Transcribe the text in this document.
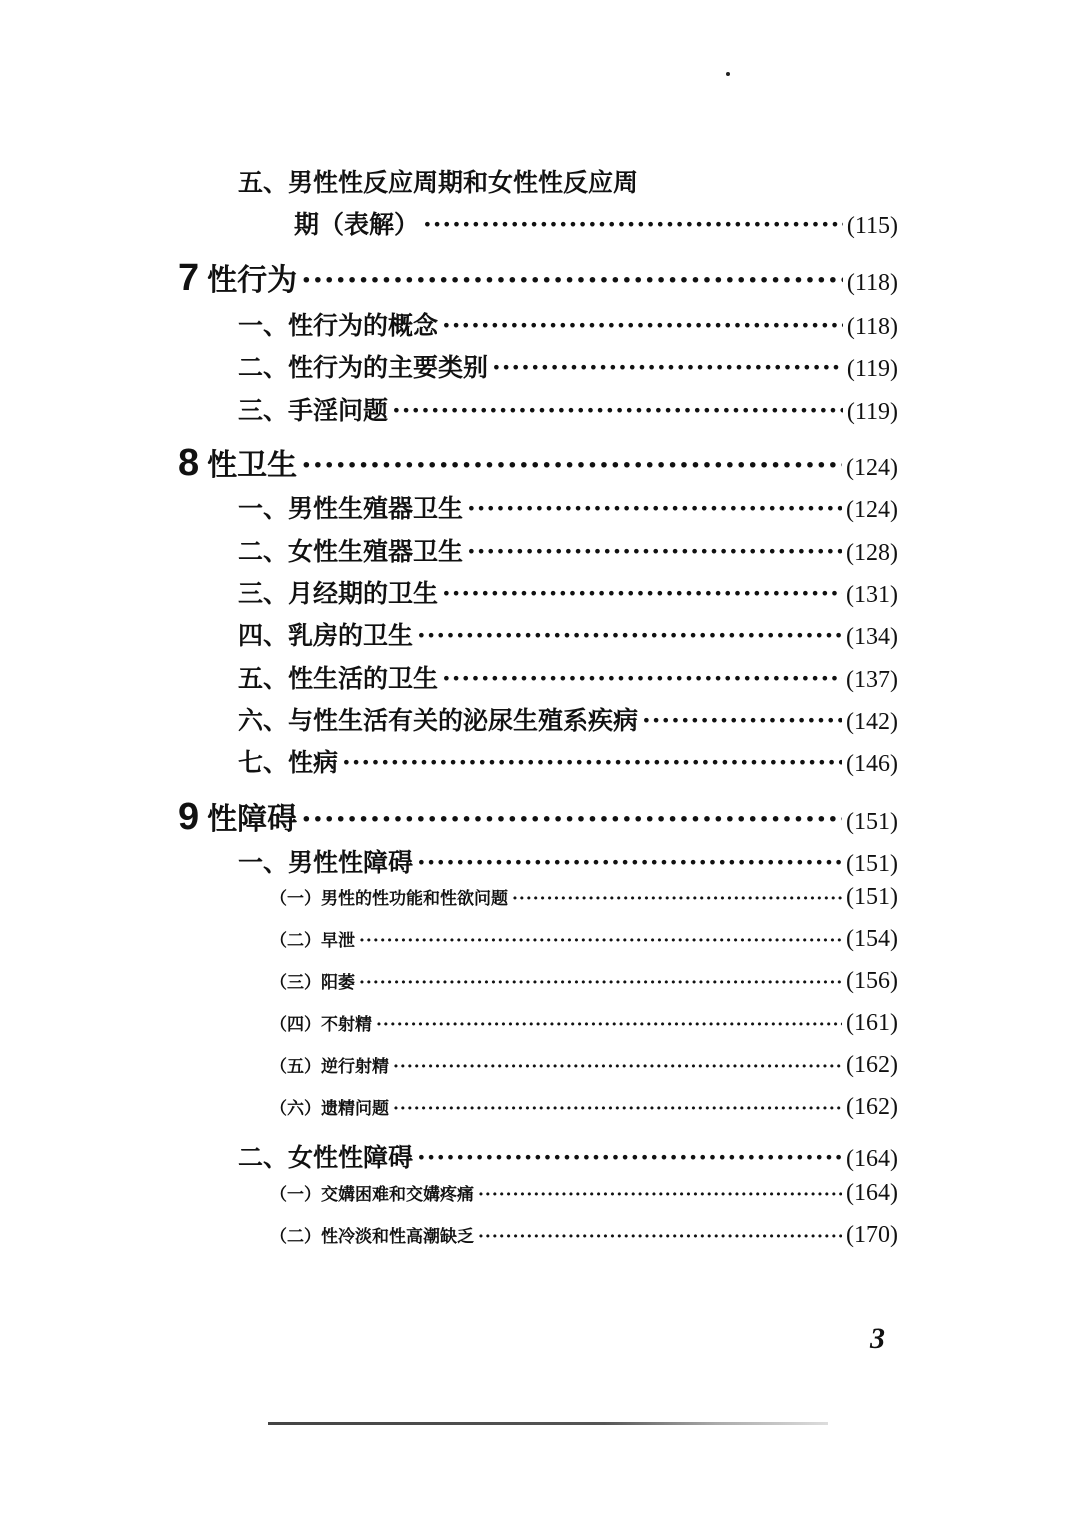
五、男性性反应周期和女性性反应周
期（表解） ·····	(115)
7 性行为 ·····	(118)
一、性行为的概念 ·····	(118)
二、性行为的主要类别 ·····	(119)
三、手淫问题 ·····	(119)
8 性卫生 ·····	(124)
一、男性生殖器卫生 ·····	(124)
二、女性生殖器卫生 ·····	(128)
三、月经期的卫生 ·····	(131)
四、乳房的卫生 ·····	(134)
五、性生活的卫生 ·····	(137)
六、与性生活有关的泌尿生殖系疾病 ·····	(142)
七、性病 ·····	(146)
9 性障碍 ·····	(151)
一、男性性障碍 ·····	(151)
（一）男性的性功能和性欲问题 ·····	(151)
（二）早泄 ·····	(154)
（三）阳萎 ·····	(156)
（四）不射精 ·····	(161)
（五）逆行射精 ·····	(162)
（六）遗精问题 ·····	(162)
二、女性性障碍 ·····	(164)
（一）交媾困难和交媾疼痛 ·····	(164)
（二）性冷淡和性高潮缺乏 ·····	(170)
3
